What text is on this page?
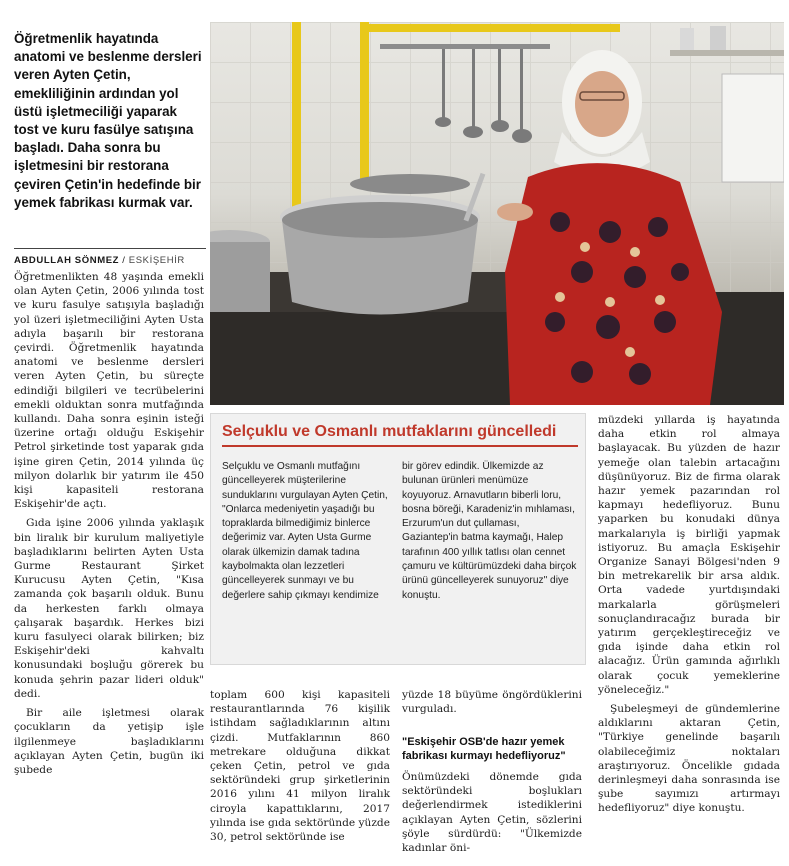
Öğretmenlik hayatında anatomi ve beslenme dersleri veren Ayten Çetin, emekliliğinin ardından yol üstü işletmeciliği yaparak tost ve kuru fasülye satışına başladı. Daha sonra bu işletmesini bir restorana çeviren Çetin'in hedefinde bir yemek fabrikası kurmak var.
ABDULLAH SÖNMEZ / ESKİŞEHİR

Öğretmenlikten 48 yaşında emekli olan Ayten Çetin, 2006 yılında tost ve kuru fasulye satışıyla başladığı yol üzeri işletmeciliğini Ayten Usta adıyla başarılı bir restorana çevirdi. Öğretmenlik hayatında anatomi ve beslenme dersleri veren Ayten Çetin, bu süreçte edindiği bilgileri ve tecrübelerini emekli olduktan sonra mutfağında kullandı. Daha sonra eşinin isteği üzerine ortağı olduğu Eskişehir Petrol şirketinde tost yaparak gıda işine giren Çetin, 2014 yılında üç milyon dolarlık bir yatırım ile 450 kişi kapasiteli restorana Eskişehir'de açtı.

Gıda işine 2006 yılında yaklaşık bin liralık bir kurulum maliyetiyle başladıklarını belirten Ayten Usta Gurme Restaurant Şirket Kurucusu Ayten Çetin, "Kısa zamanda çok başarılı olduk. Bunu da herkesten farklı olmaya çalışarak başardık. Herkes bizi kuru fasulyeci olarak bilirken; biz Eskişehir'deki kahvaltı konusundaki boşluğu görerek bu konuda şehrin pazar lideri olduk" dedi.

Bir aile işletmesi olarak çocukların da yetişip işle ilgilenmeye başladıklarını açıklayan Ayten Çetin, bugün iki şubede

Selçuklu ve Osmanlı mutfaklarını güncelledi
Selçuklu ve Osmanlı mutfağını güncelleyerek müşterilerine sunduklarını vurgulayan Ayten Çetin, "Onlarca medeniyetin yaşadığı bu topraklarda bilmediğimiz binlerce değerimiz var. Ayten Usta Gurme olarak ülkemizin damak tadına kaybolmakta olan lezzetleri güncelleyerek sunmayı ve bu değerlere sahip çıkmayı kendimize
bir görev edindik. Ülkemizde az bulunan ürünleri menümüze koyuyoruz. Arnavutların biberli loru, bosna böreği, Karadeniz'in mıhlaması, Erzurum'un dut çullaması, Gaziantep'in batma kaymağı, Halep tarafının 400 yıllık tatlısı olan cennet çamuru ve kültürümüzdeki daha birçok ürünü güncelleyerek sunuyoruz" diye konuştu.

toplam 600 kişi kapasiteli restaurantlarında 76 kişilik istihdam sağladıklarının altını çizdi. Mutfaklarının 860 metrekare olduğuna dikkat çeken Çetin, petrol ve gıda sektöründeki grup şirketlerinin 2016 yılını 41 milyon liralık ciroyla kapattıklarını, 2017 yılında ise gıda sektöründe yüzde 30, petrol sektöründe ise

yüzde 18 büyüme öngördüklerini vurguladı.

"Eskişehir OSB'de hazır yemek fabrikası kurmayı hedefliyoruz"

Önümüzdeki dönemde gıda sektöründeki boşlukları değerlendirmek istediklerini açıklayan Ayten Çetin, sözlerini şöyle sürdürdü: "Ülkemizde kadınlar öni-

müzdeki yıllarda iş hayatında daha etkin rol almaya başlayacak. Bu yüzden de hazır yemeğe olan talebin artacağını düşünüyoruz. Biz de firma olarak hazır yemek pazarından rol kapmayı hedefliyoruz. Bunu yaparken bu konudaki dünya markalarıyla iş birliği yapmak istiyoruz. Bu amaçla Eskişehir Organize Sanayi Bölgesi'nden 9 bin metrekarelik bir arsa aldık. Orta vadede yurtdışındaki markalarla görüşmeleri sonuçlandıracağız burada bir yatırım gerçekleştireceğiz ve gıda işinde daha etkin rol alacağız. Ürün gamında ağırlıklı olarak çocuk yemeklerine yöneleceğiz."

Şubeleşmeyi de gündemlerine aldıklarını aktaran Çetin, "Türkiye genelinde başarılı olabileceğimiz noktaları araştırıyoruz. Öncelikle gıdada derinleşmeyi daha sonrasında ise şube sayımızı artırmayı hedefliyoruz" diye konuştu.
